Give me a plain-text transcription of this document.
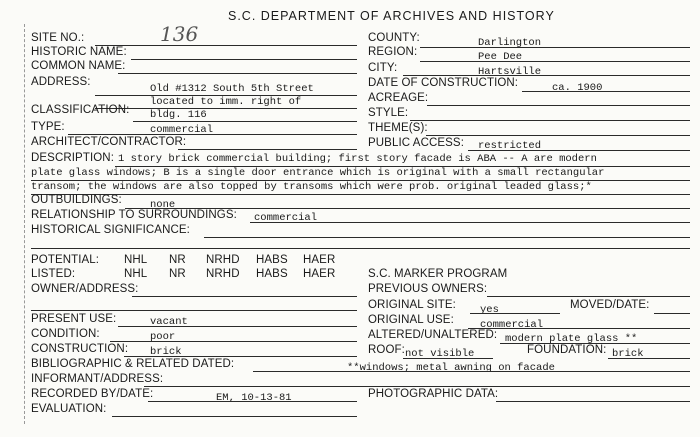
S.C. DEPARTMENT OF ARCHIVES AND HISTORY
SITE NO.:	136
HISTORIC NAME:
COMMON NAME:
ADDRESS:
Old #1312 South 5th Street
located to imm. right of
CLASSIFICATION: bldg. 116
TYPE:	commercial
ARCHITECT/CONTRACTOR:
COUNTY:	Darlington
REGION:	Pee Dee
CITY:	Hartsville
DATE OF CONSTRUCTION:	ca. 1900
ACREAGE:
STYLE:
THEME(S):
PUBLIC ACCESS: restricted
DESCRIPTION: 1 story brick commercial building; first story facade is ABA -- A are modern
plate glass windows; B is a single door entrance which is original with a small rectangular
transom; the windows are also topped by transoms which were prob. original leaded glass;*
OUTBUILDINGS:	none
RELATIONSHIP TO SURROUNDINGS: commercial
HISTORICAL SIGNIFICANCE:
POTENTIAL: NHL NR NRHD HABS HAER
LISTED:	NHL NR NRHD HABS HAER	S.C. MARKER PROGRAM
OWNER/ADDRESS:	PREVIOUS OWNERS:
ORIGINAL SITE: yes	MOVED/DATE:
PRESENT USE:	vacant	ORIGINAL USE: commercial
CONDITION:	poor	ALTERED/UNALTERED: modern plate glass **
CONSTRUCTION: brick	ROOF: not visible	FOUNDATION: brick
BIBLIOGRAPHIC & RELATED DATED:	**windows; metal awning on facade
INFORMANT/ADDRESS:
RECORDED BY/DATE:	EM, 10-13-81	PHOTOGRAPHIC DATA:
EVALUATION:
